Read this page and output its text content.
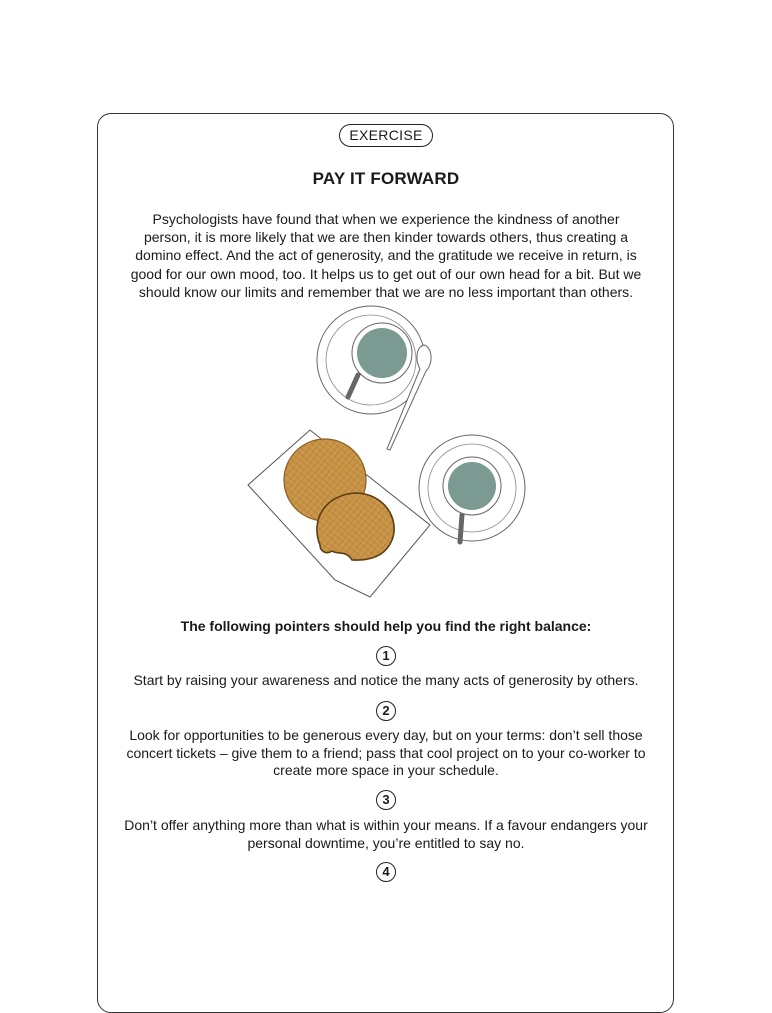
EXERCISE
PAY IT FORWARD

Psychologists have found that when we experience the kindness of another person, it is more likely that we are then kinder towards others, thus creating a domino effect. And the act of generosity, and the gratitude we receive in return, is good for our own mood, too. It helps us to get out of our own head for a bit. But we should know our limits and remember that we are no less important than others.

The following pointers should help you find the right balance:

1

Start by raising your awareness and notice the many acts of generosity by others.

2

Look for opportunities to be generous every day, but on your terms: don’t sell those concert tickets – give them to a friend; pass that cool project on to your co-worker to create more space in your schedule.

3

Don’t offer anything more than what is within your means. If a favour endangers your personal downtime, you’re entitled to say no.

4
